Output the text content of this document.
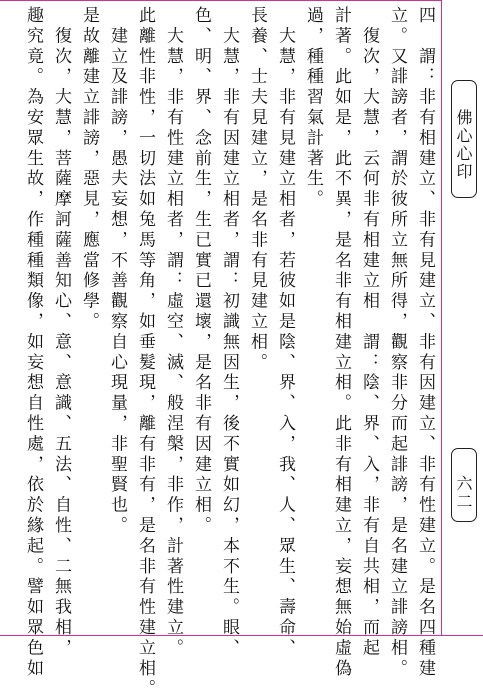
四　謂：非有相建立、非有見建立、非有因建立、非有性建立。是名四種建
立。又誹謗者，謂於彼所立無所得，觀察非分而起誹謗，是名建立誹謗相。
　復次，大慧，云何非有相建立相　謂：陰、界、入，非有自共相，而起
計著。此如是，此不異，是名非有相建立相。此非有相建立，妄想無始虛偽
過，種種習氣計著生。
　大慧，非有見建立相者，若彼如是陰、界、入，我、人、眾生、壽命、
長養、士夫見建立，是名非有見建立相。
　大慧，非有因建立相者，謂：初識無因生，後不實如幻，本不生。眼、
色、明、界、念前生，生已實已還壞，是名非有因建立相。
　大慧，非有性建立相者，謂：虛空、滅、般涅槃，非作，計著性建立。
此離性非性，一切法如兔馬等角，如垂髮現，離有非有，是名非有性建立相。
　建立及誹謗，愚夫妄想，不善觀察自心現量，非聖賢也。
是故離建立誹謗，惡見，應當修學。
　復次，大慧，菩薩摩訶薩善知心、意、意識、五法、自性、二無我相，
趣究竟。為安眾生故，作種種類像，如妄想自性處，依於緣起。譬如眾色如	佛心心印
六二
